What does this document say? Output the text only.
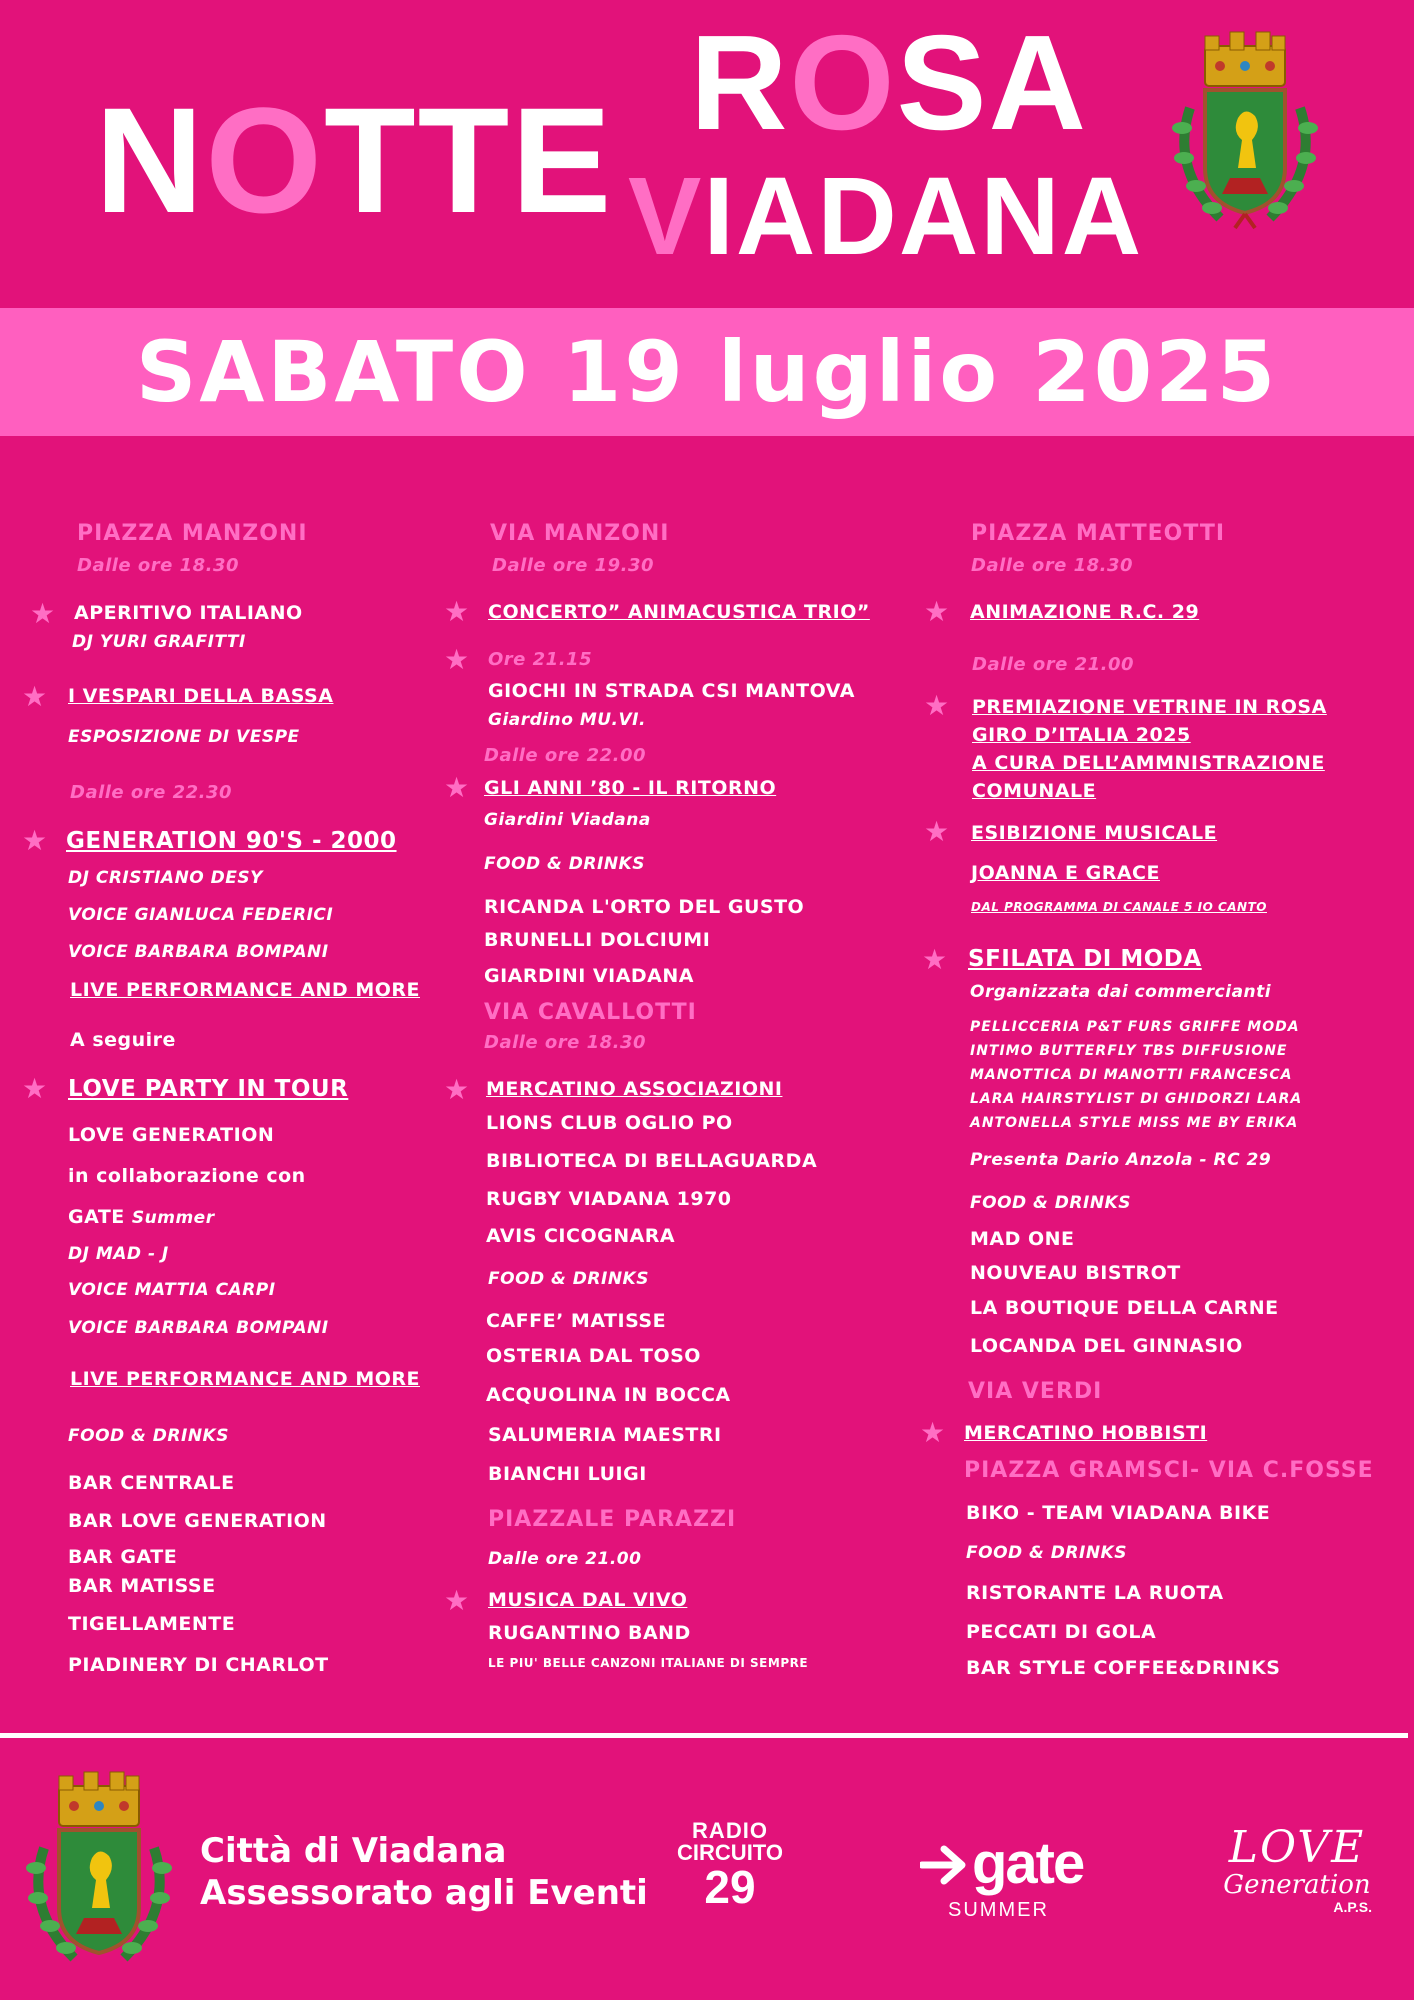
NOTTE ROSA
VIADANA
SABATO 19 luglio 2025
PIAZZA MANZONI
Dalle ore 18.30
★ APERITIVO ITALIANO
DJ YURI GRAFITTI
★ I VESPARI DELLA BASSA
ESPOSIZIONE DI VESPE
Dalle ore 22.30
★ GENERATION 90'S - 2000
DJ CRISTIANO DESY
VOICE GIANLUCA FEDERICI
VOICE BARBARA BOMPANI
LIVE PERFORMANCE AND MORE
A seguire
★ LOVE PARTY IN TOUR
LOVE GENERATION
in collaborazione con
GATE Summer
DJ MAD - J
VOICE MATTIA CARPI
VOICE BARBARA BOMPANI
LIVE PERFORMANCE AND MORE
FOOD & DRINKS
BAR CENTRALE
BAR LOVE GENERATION
BAR GATE
BAR MATISSE
TIGELLAMENTE
PIADINERY DI CHARLOT
VIA MANZONI
Dalle ore 19.30
★ CONCERTO” ANIMACUSTICA TRIO”
★ Ore 21.15
GIOCHI IN STRADA CSI MANTOVA
Giardino MU.VI.
Dalle ore 22.00
★ GLI ANNI ’80 - IL RITORNO
Giardini Viadana
FOOD & DRINKS
RICANDA L'ORTO DEL GUSTO
BRUNELLI DOLCIUMI
GIARDINI VIADANA
VIA CAVALLOTTI
Dalle ore 18.30
★ MERCATINO ASSOCIAZIONI
LIONS CLUB OGLIO PO
BIBLIOTECA DI BELLAGUARDA
RUGBY VIADANA 1970
AVIS CICOGNARA
FOOD & DRINKS
CAFFE’ MATISSE
OSTERIA DAL TOSO
ACQUOLINA IN BOCCA
SALUMERIA MAESTRI
BIANCHI LUIGI
PIAZZALE PARAZZI
Dalle ore 21.00
★ MUSICA DAL VIVO
RUGANTINO BAND
LE PIU' BELLE CANZONI ITALIANE DI SEMPRE
PIAZZA MATTEOTTI
Dalle ore 18.30
★ ANIMAZIONE R.C. 29
Dalle ore 21.00
★ PREMIAZIONE VETRINE IN ROSA
GIRO D’ITALIA 2025
A CURA DELL’AMMNISTRAZIONE
COMUNALE
★ ESIBIZIONE MUSICALE
JOANNA E GRACE
DAL PROGRAMMA DI CANALE 5 IO CANTO
★ SFILATA DI MODA
Organizzata dai commercianti
PELLICCERIA P&T FURS GRIFFE MODA
INTIMO BUTTERFLY TBS DIFFUSIONE
MANOTTICA DI MANOTTI FRANCESCA
LARA HAIRSTYLIST DI GHIDORZI LARA
ANTONELLA STYLE MISS ME BY ERIKA
Presenta Dario Anzola - RC 29
FOOD & DRINKS
MAD ONE
NOUVEAU BISTROT
LA BOUTIQUE DELLA CARNE
LOCANDA DEL GINNASIO
VIA VERDI
★ MERCATINO HOBBISTI
PIAZZA GRAMSCI- VIA C.FOSSE
BIKO - TEAM VIADANA BIKE
FOOD & DRINKS
RISTORANTE LA RUOTA
PECCATI DI GOLA
BAR STYLE COFFEE&DRINKS
Città di Viadana
Assessorato agli Eventi
RADIO
CIRCUITO
29	gate
SUMMER
LOVE
Generation
A.P.S.
